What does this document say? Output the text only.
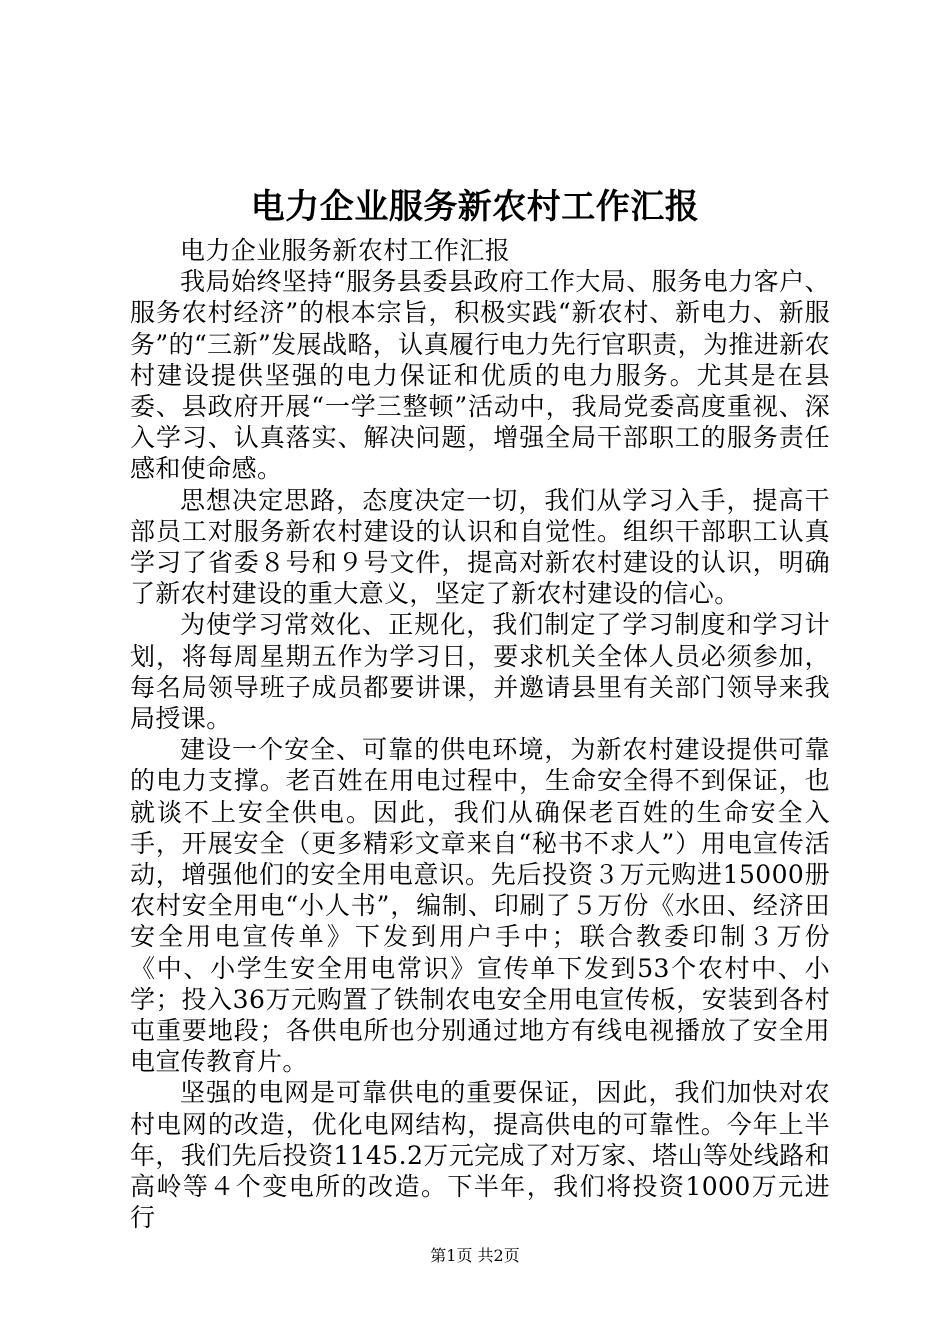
电力企业服务新农村工作汇报

电力企业服务新农村工作汇报

我局始终坚持“服务县委县政府工作大局、服务电力客户、服务农村经济”的根本宗旨，积极实践“新农村、新电力、新服务”的“三新”发展战略，认真履行电力先行官职责，为推进新农村建设提供坚强的电力保证和优质的电力服务。尤其是在县委、县政府开展“一学三整顿”活动中，我局党委高度重视、深入学习、认真落实、解决问题，增强全局干部职工的服务责任感和使命感。

思想决定思路，态度决定一切，我们从学习入手，提高干部员工对服务新农村建设的认识和自觉性。组织干部职工认真学习了省委８号和９号文件，提高对新农村建设的认识，明确了新农村建设的重大意义，坚定了新农村建设的信心。

为使学习常效化、正规化，我们制定了学习制度和学习计划，将每周星期五作为学习日，要求机关全体人员必须参加，每名局领导班子成员都要讲课，并邀请县里有关部门领导来我局授课。

建设一个安全、可靠的供电环境，为新农村建设提供可靠的电力支撑。老百姓在用电过程中，生命安全得不到保证，也就谈不上安全供电。因此，我们从确保老百姓的生命安全入手，开展安全（更多精彩文章来自“秘书不求人”）用电宣传活动，增强他们的安全用电意识。先后投资３万元购进15000册农村安全用电“小人书”，编制、印刷了５万份《水田、经济田安全用电宣传单》下发到用户手中；联合教委印制３万份《中、小学生安全用电常识》宣传单下发到53个农村中、小学；投入36万元购置了铁制农电安全用电宣传板，安装到各村屯重要地段；各供电所也分别通过地方有线电视播放了安全用电宣传教育片。

坚强的电网是可靠供电的重要保证，因此，我们加快对农村电网的改造，优化电网结构，提高供电的可靠性。今年上半年，我们先后投资1145.2万元完成了对万家、塔山等处线路和高岭等４个变电所的改造。下半年，我们将投资1000万元进行

第1页 共2页
